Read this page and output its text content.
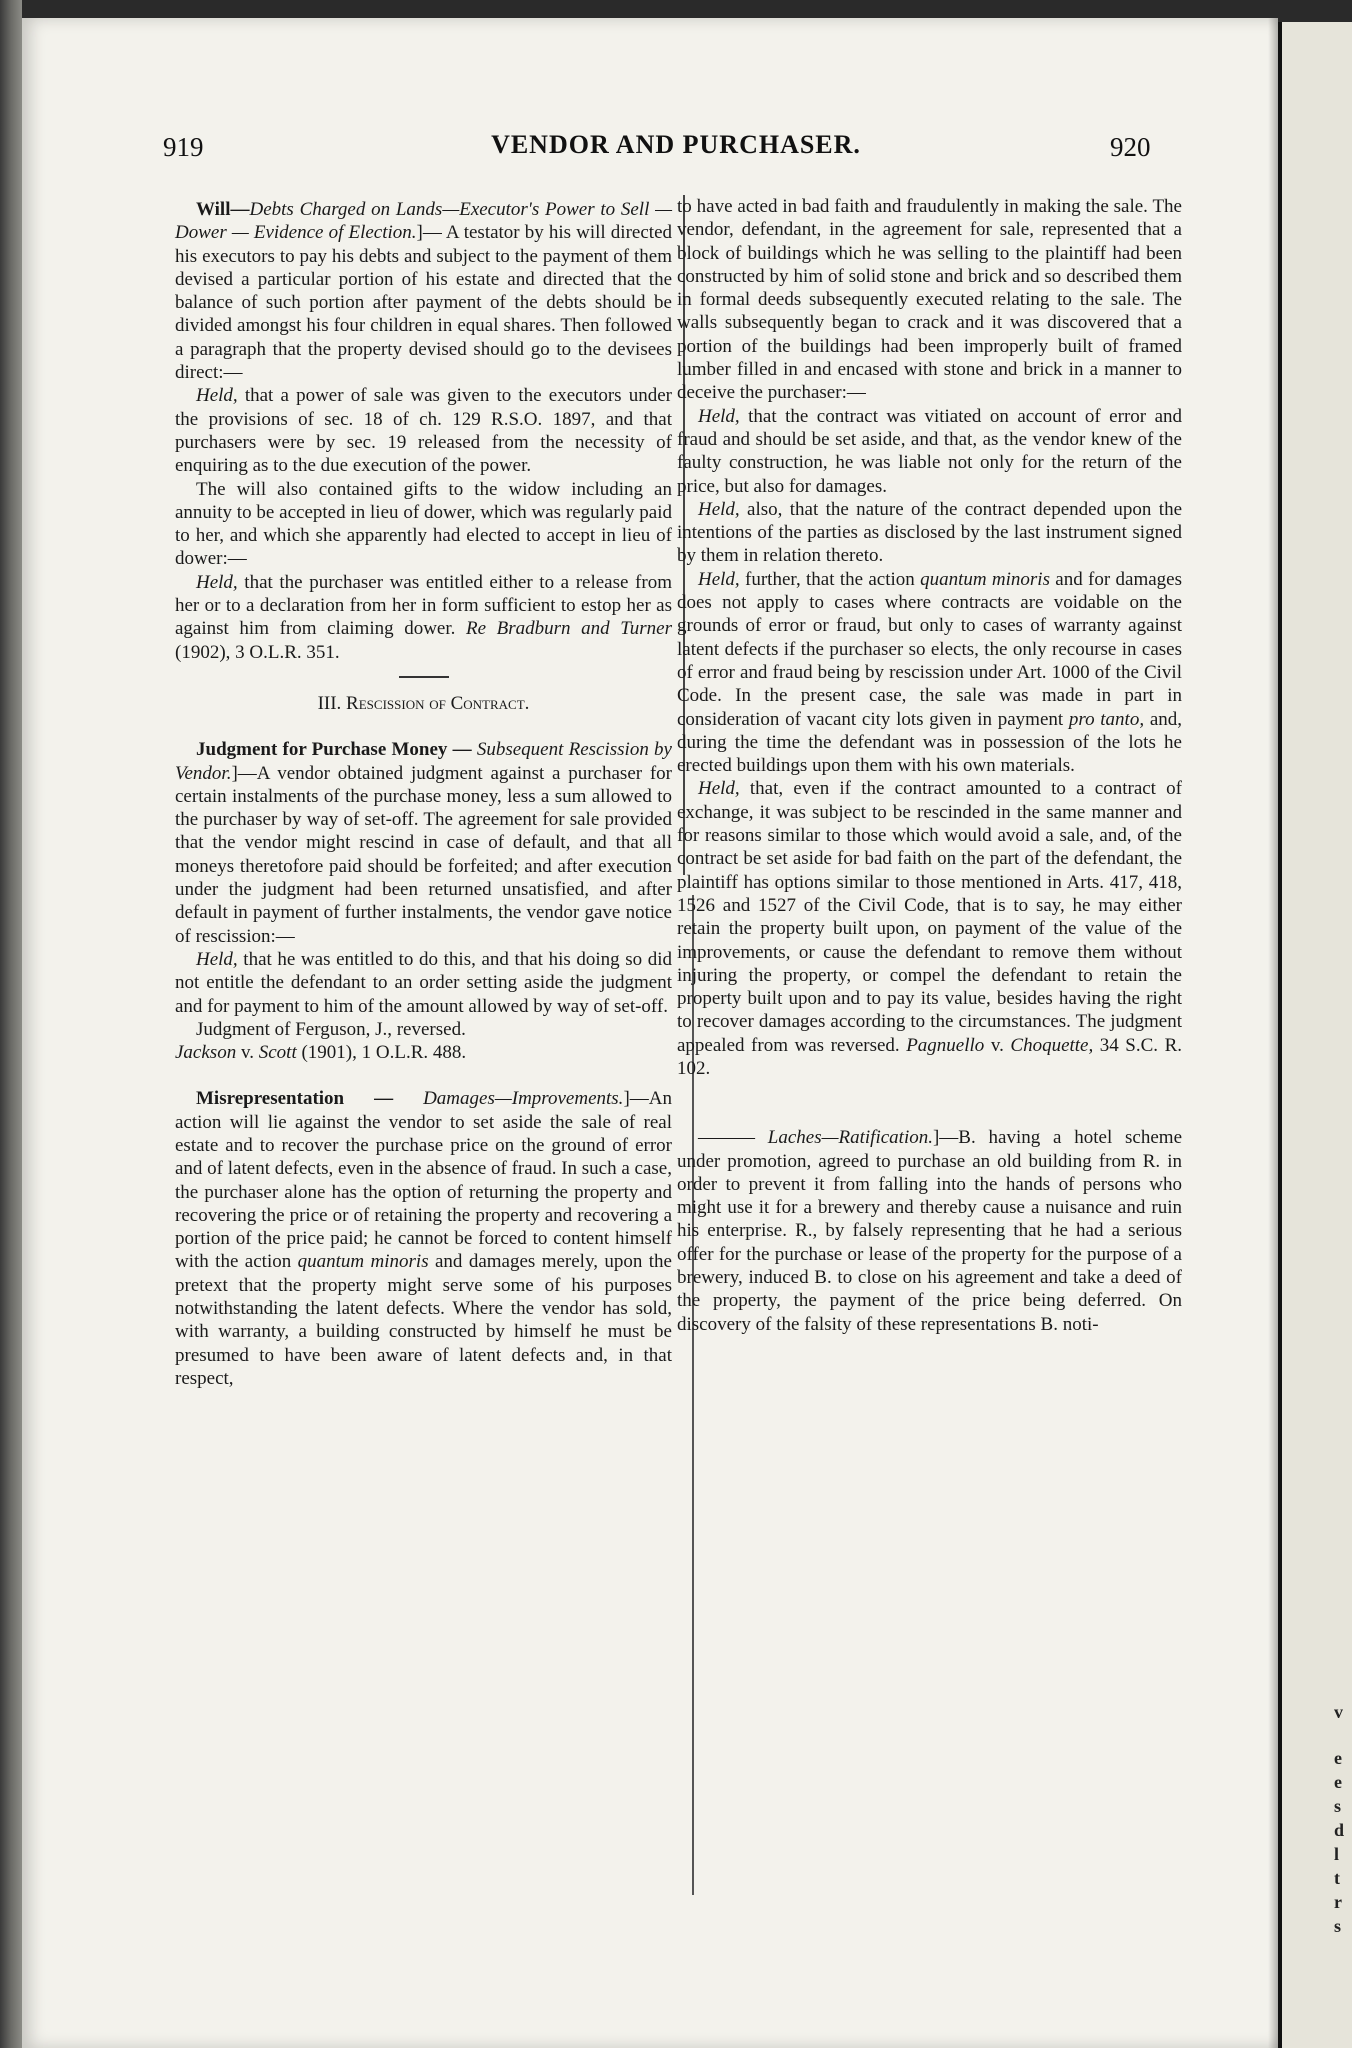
v
e
e
s
d
l
t
r
s
919	VENDOR AND PURCHASER.	920

Will—Debts Charged on Lands—Executor's Power to Sell — Dower — Evidence of Election.]— A testator by his will directed his executors to pay his debts and subject to the payment of them devised a particular portion of his estate and directed that the balance of such portion after payment of the debts should be divided amongst his four children in equal shares. Then followed a paragraph that the property devised should go to the devisees direct:—

Held, that a power of sale was given to the executors under the provisions of sec. 18 of ch. 129 R.S.O. 1897, and that purchasers were by sec. 19 released from the necessity of enquiring as to the due execution of the power.

The will also contained gifts to the widow including an annuity to be accepted in lieu of dower, which was regularly paid to her, and which she apparently had elected to accept in lieu of dower:—

Held, that the purchaser was entitled either to a release from her or to a declaration from her in form sufficient to estop her as against him from claiming dower. Re Bradburn and Turner (1902), 3 O.L.R. 351.

III. Rescission of Contract.

Judgment for Purchase Money — Subsequent Rescission by Vendor.]—A vendor obtained judgment against a purchaser for certain instalments of the purchase money, less a sum allowed to the purchaser by way of set-off. The agreement for sale provided that the vendor might rescind in case of default, and that all moneys theretofore paid should be forfeited; and after execution under the judgment had been returned unsatisfied, and after default in payment of further instalments, the vendor gave notice of rescission:—

Held, that he was entitled to do this, and that his doing so did not entitle the defendant to an order setting aside the judgment and for payment to him of the amount allowed by way of set-off.

Judgment of Ferguson, J., reversed.
Jackson v. Scott (1901), 1 O.L.R. 488.

Misrepresentation — Damages—Improvements.]—An action will lie against the vendor to set aside the sale of real estate and to recover the purchase price on the ground of error and of latent defects, even in the absence of fraud. In such a case, the purchaser alone has the option of returning the property and recovering the price or of retaining the property and recovering a portion of the price paid; he cannot be forced to content himself with the action quantum minoris and damages merely, upon the pretext that the property might serve some of his purposes notwithstanding the latent defects. Where the vendor has sold, with warranty, a building constructed by himself he must be presumed to have been aware of latent defects and, in that respect,

to have acted in bad faith and fraudulently in making the sale. The vendor, defendant, in the agreement for sale, represented that a block of buildings which he was selling to the plaintiff had been constructed by him of solid stone and brick and so described them in formal deeds subsequently executed relating to the sale. The walls subsequently began to crack and it was discovered that a portion of the buildings had been improperly built of framed lumber filled in and encased with stone and brick in a manner to deceive the purchaser:—

Held, that the contract was vitiated on account of error and fraud and should be set aside, and that, as the vendor knew of the faulty construction, he was liable not only for the return of the price, but also for damages.

Held, also, that the nature of the contract depended upon the intentions of the parties as disclosed by the last instrument signed by them in relation thereto.

Held, further, that the action quantum minoris and for damages does not apply to cases where contracts are voidable on the grounds of error or fraud, but only to cases of warranty against latent defects if the purchaser so elects, the only recourse in cases of error and fraud being by rescission under Art. 1000 of the Civil Code. In the present case, the sale was made in part in consideration of vacant city lots given in payment pro tanto, and, during the time the defendant was in possession of the lots he erected buildings upon them with his own materials.

Held, that, even if the contract amounted to a contract of exchange, it was subject to be rescinded in the same manner and for reasons similar to those which would avoid a sale, and, of the contract be set aside for bad faith on the part of the defendant, the plaintiff has options similar to those mentioned in Arts. 417, 418, 1526 and 1527 of the Civil Code, that is to say, he may either retain the property built upon, on payment of the value of the improvements, or cause the defendant to remove them without injuring the property, or compel the defendant to retain the property built upon and to pay its value, besides having the right to recover damages according to the circumstances. The judgment appealed from was reversed. Pagnuello v. Choquette, 34 S.C. R. 102.

——— Laches—Ratification.]—B. having a hotel scheme under promotion, agreed to purchase an old building from R. in order to prevent it from falling into the hands of persons who might use it for a brewery and thereby cause a nuisance and ruin his enterprise. R., by falsely representing that he had a serious offer for the purchase or lease of the property for the purpose of a brewery, induced B. to close on his agreement and take a deed of the property, the payment of the price being deferred. On discovery of the falsity of these representations B. noti-
